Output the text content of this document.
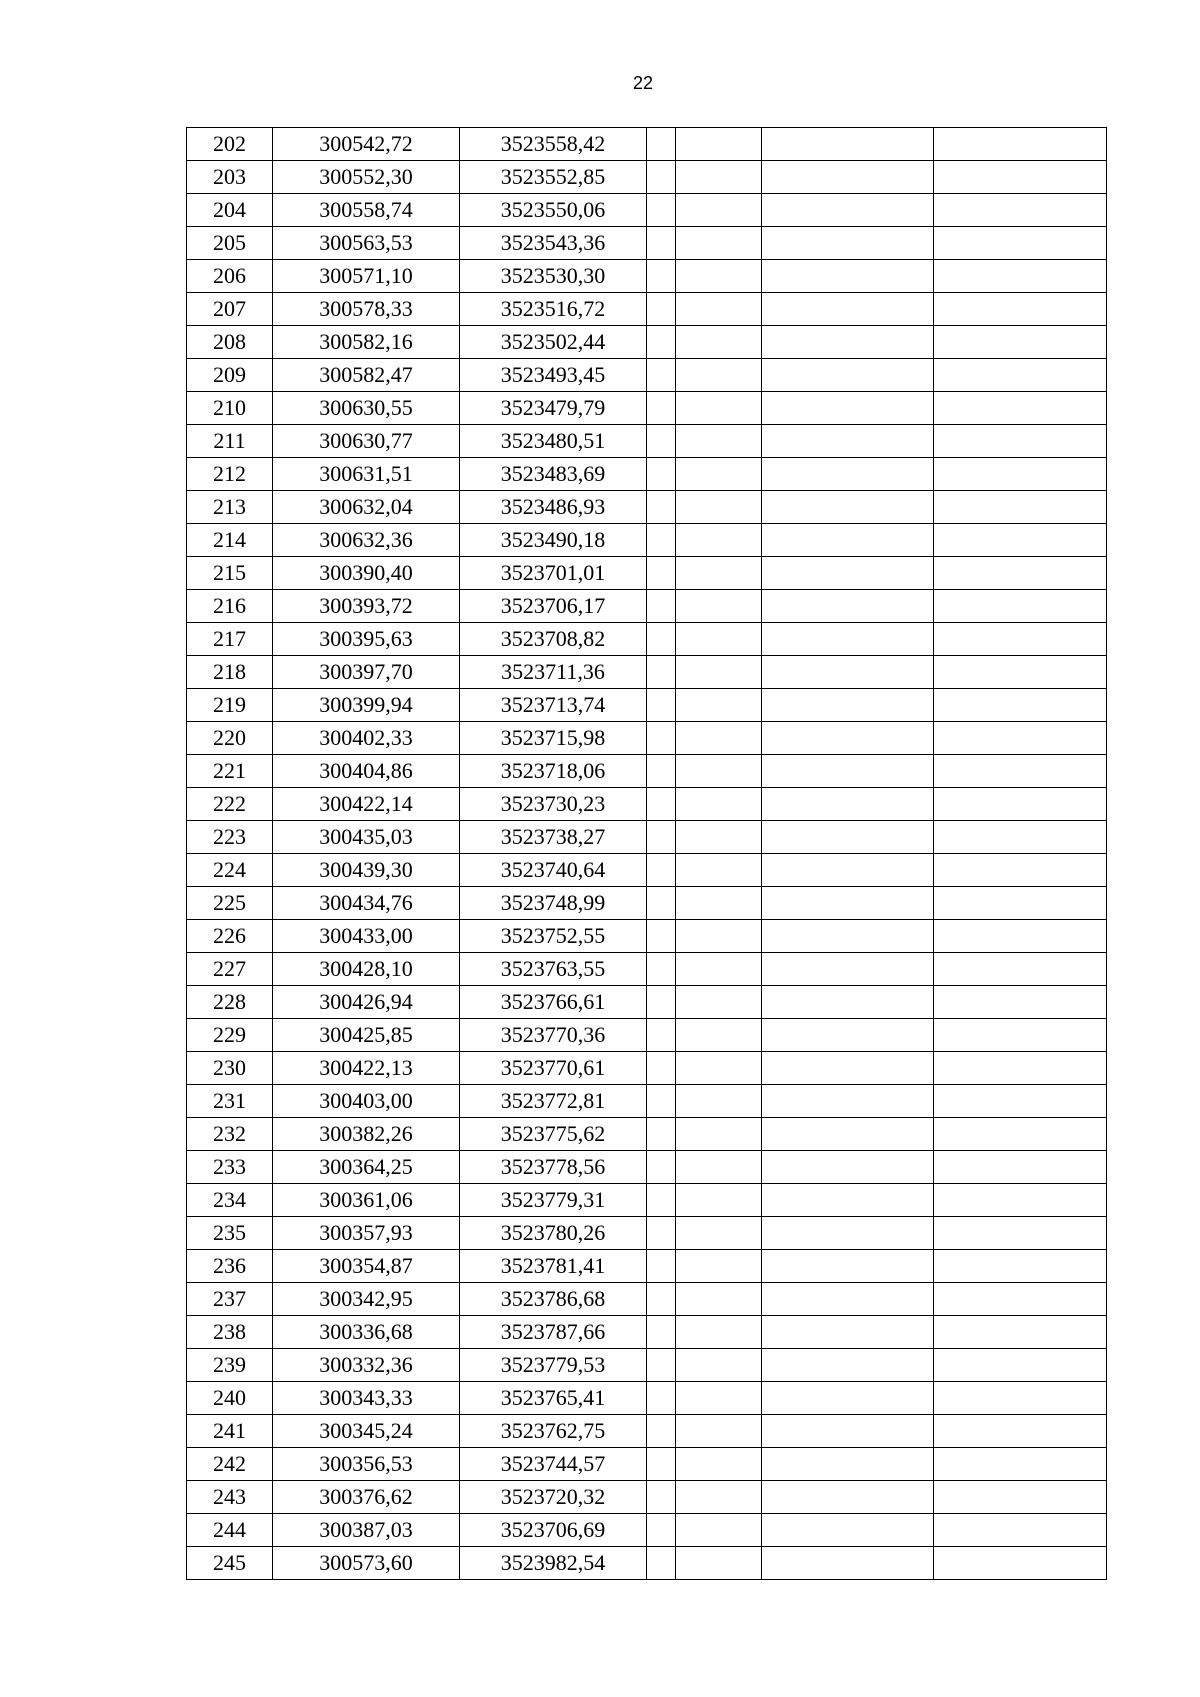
22
202	300542,72	3523558,42				
203	300552,30	3523552,85				
204	300558,74	3523550,06				
205	300563,53	3523543,36				
206	300571,10	3523530,30				
207	300578,33	3523516,72				
208	300582,16	3523502,44				
209	300582,47	3523493,45				
210	300630,55	3523479,79				
211	300630,77	3523480,51				
212	300631,51	3523483,69				
213	300632,04	3523486,93				
214	300632,36	3523490,18				
215	300390,40	3523701,01				
216	300393,72	3523706,17				
217	300395,63	3523708,82				
218	300397,70	3523711,36				
219	300399,94	3523713,74				
220	300402,33	3523715,98				
221	300404,86	3523718,06				
222	300422,14	3523730,23				
223	300435,03	3523738,27				
224	300439,30	3523740,64				
225	300434,76	3523748,99				
226	300433,00	3523752,55				
227	300428,10	3523763,55				
228	300426,94	3523766,61				
229	300425,85	3523770,36				
230	300422,13	3523770,61				
231	300403,00	3523772,81				
232	300382,26	3523775,62				
233	300364,25	3523778,56				
234	300361,06	3523779,31				
235	300357,93	3523780,26				
236	300354,87	3523781,41				
237	300342,95	3523786,68				
238	300336,68	3523787,66				
239	300332,36	3523779,53				
240	300343,33	3523765,41				
241	300345,24	3523762,75				
242	300356,53	3523744,57				
243	300376,62	3523720,32				
244	300387,03	3523706,69				
245	300573,60	3523982,54				
